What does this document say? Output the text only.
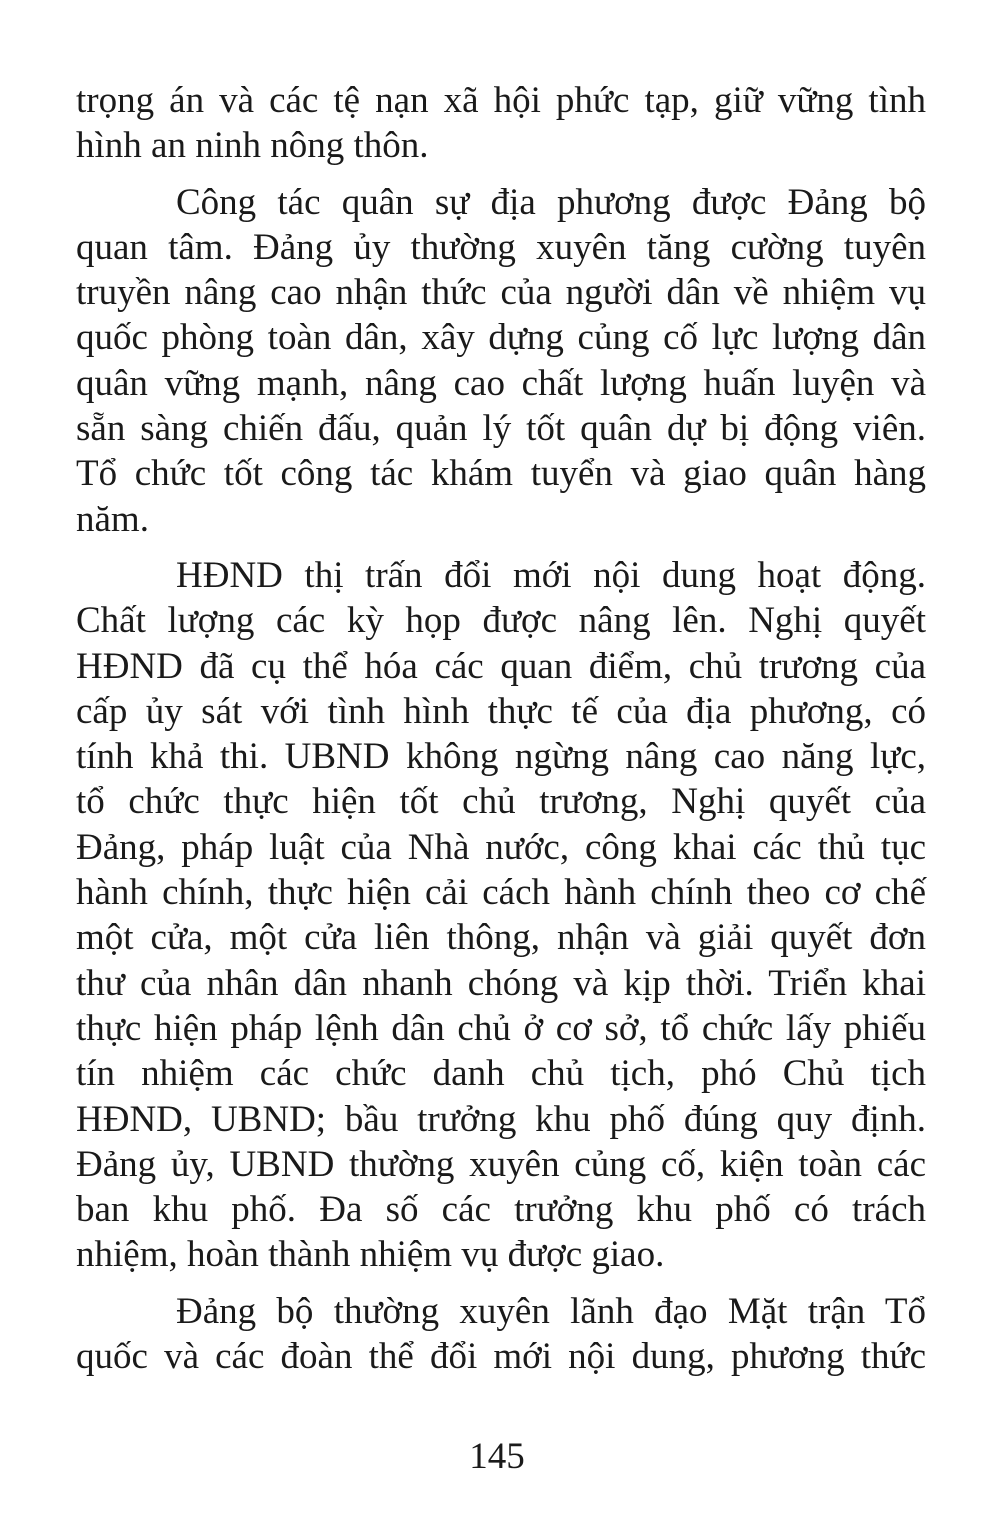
trọng án và các tệ nạn xã hội phức tạp, giữ vững tình
hình an ninh nông thôn.
Công tác quân sự địa phương được Đảng bộ
quan tâm. Đảng ủy thường xuyên tăng cường tuyên
truyền nâng cao nhận thức của người dân về nhiệm vụ
quốc phòng toàn dân, xây dựng củng cố lực lượng dân
quân vững mạnh, nâng cao chất lượng huấn luyện và
sẵn sàng chiến đấu, quản lý tốt quân dự bị động viên.
Tổ chức tốt công tác khám tuyển và giao quân hàng
năm.
HĐND thị trấn đổi mới nội dung hoạt động.
Chất lượng các kỳ họp được nâng lên. Nghị quyết
HĐND đã cụ thể hóa các quan điểm, chủ trương của
cấp ủy sát với tình hình thực tế của địa phương, có
tính khả thi. UBND không ngừng nâng cao năng lực,
tổ chức thực hiện tốt chủ trương, Nghị quyết của
Đảng, pháp luật của Nhà nước, công khai các thủ tục
hành chính, thực hiện cải cách hành chính theo cơ chế
một cửa, một cửa liên thông, nhận và giải quyết đơn
thư của nhân dân nhanh chóng và kịp thời. Triển khai
thực hiện pháp lệnh dân chủ ở cơ sở, tổ chức lấy phiếu
tín nhiệm các chức danh chủ tịch, phó Chủ tịch
HĐND, UBND; bầu trưởng khu phố đúng quy định.
Đảng ủy, UBND thường xuyên củng cố, kiện toàn các
ban khu phố. Đa số các trưởng khu phố có trách
nhiệm, hoàn thành nhiệm vụ được giao.
Đảng bộ thường xuyên lãnh đạo Mặt trận Tổ
quốc và các đoàn thể đổi mới nội dung, phương thức
145
